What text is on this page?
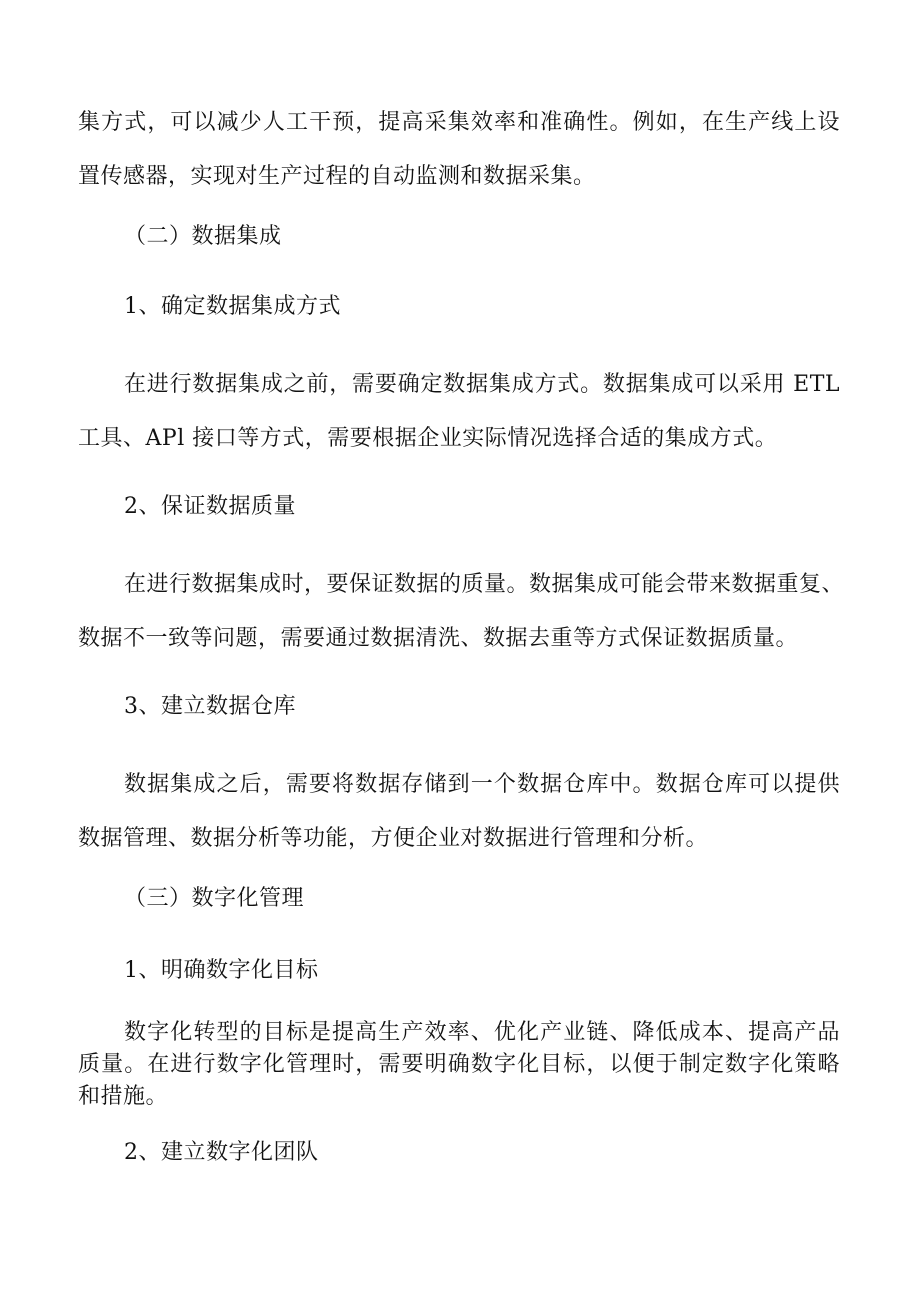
集方式，可以减少人工干预，提高采集效率和准确性。例如，在生产线上设
置传感器，实现对生产过程的自动监测和数据采集。
（二）数据集成
1、确定数据集成方式
在进行数据集成之前，需要确定数据集成方式。数据集成可以采用 ETL
工具、APl 接口等方式，需要根据企业实际情况选择合适的集成方式。
2、保证数据质量
在进行数据集成时，要保证数据的质量。数据集成可能会带来数据重复、
数据不一致等问题，需要通过数据清洗、数据去重等方式保证数据质量。
3、建立数据仓库
数据集成之后，需要将数据存储到一个数据仓库中。数据仓库可以提供
数据管理、数据分析等功能，方便企业对数据进行管理和分析。
（三）数字化管理
1、明确数字化目标
数字化转型的目标是提高生产效率、优化产业链、降低成本、提高产品
质量。在进行数字化管理时，需要明确数字化目标，以便于制定数字化策略
和措施。
2、建立数字化团队
